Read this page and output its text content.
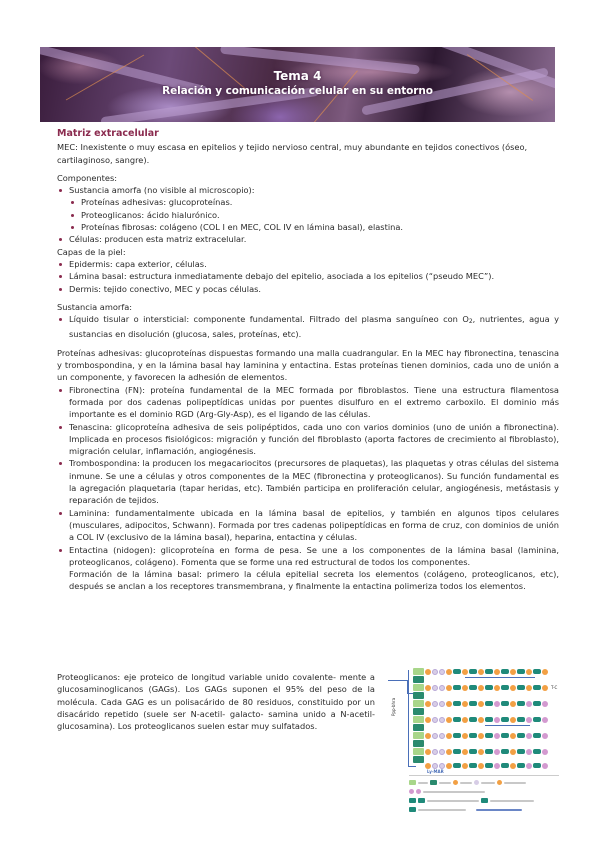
Tema 4
Relación y comunicación celular en su entorno
Matriz extracelular

MEC: Inexistente o muy escasa en epitelios y tejido nervioso central, muy abundante en tejidos conectivos (óseo, cartilaginoso, sangre).

Componentes:

Sustancia amorfa (no visible al microscopio):
Proteínas adhesivas: glucoproteínas.
Proteoglicanos: ácido hialurónico.
Proteínas fibrosas: colágeno (COL I en MEC, COL IV en lámina basal), elastina.
Células: producen esta matriz extracelular.

Capas de la piel:

Epidermis: capa exterior, células.
Lámina basal: estructura inmediatamente debajo del epitelio, asociada a los epitelios (“pseudo MEC”).
Dermis: tejido conectivo, MEC y pocas células.

Sustancia amorfa:

Líquido tisular o intersticial: componente fundamental. Filtrado del plasma sanguíneo con $O_2$, nutrientes, agua y sustancias en disolución (glucosa, sales, proteínas, etc).

Proteínas adhesivas: glucoproteínas dispuestas formando una malla cuadrangular. En la MEC hay fibronectina, tenascina y trombospondina, y en la lámina basal hay laminina y entactina. Estas proteínas tienen dominios, cada uno de unión a un componente, y favorecen la adhesión de elementos.

Fibronectina (FN): proteína fundamental de la MEC formada por fibroblastos. Tiene una estructura filamentosa formada por dos cadenas polipeptídicas unidas por puentes disulfuro en el extremo carboxilo. El dominio más importante es el dominio RGD (Arg-Gly-Asp), es el ligando de las células.
Tenascina: glicoproteína adhesiva de seis polipéptidos, cada uno con varios dominios (uno de unión a fibronectina). Implicada en procesos fisiológicos: migración y función del fibroblasto (aporta factores de crecimiento al fibroblasto), migración celular, inflamación, angiogénesis.
Trombospondina: la producen los megacariocitos (precursores de plaquetas), las plaquetas y otras células del sistema inmune. Se une a células y otros componentes de la MEC (fibronectina y proteoglicanos). Su función fundamental es la agregación plaquetaria (tapar heridas, etc). También participa en proliferación celular, angiogénesis, metástasis y reparación de tejidos.
Laminina: fundamentalmente ubicada en la lámina basal de epitelios, y también en algunos tipos celulares (musculares, adipocitos, Schwann). Formada por tres cadenas polipeptídicas en forma de cruz, con dominios de unión a COL IV (exclusivo de la lámina basal), heparina, entactina y células.
Entactina (nidogen): glicoproteína en forma de pesa. Se une a los componentes de la lámina basal (laminina, proteoglicanos, colágeno). Fomenta que se forme una red estructural de todos los componentes.

Formación de la lámina basal: primero la célula epitelial secreta los elementos (colágeno, proteoglicanos, etc), después se anclan a los receptores transmembrana, y finalmente la entactina polimeriza todos los elementos.

Proteoglicanos: eje proteico de longitud variable unido covalente- mente a glucosaminoglicanos (GAGs). Los GAGs suponen el 95% del peso de la molécula. Cada GAG es un polisacárido de 80 residuos, constituido por un disacárido repetido (suele ser N-acetil- galacto- samina unido a N-acetil-glucosamina). Los proteoglicanos suelen estar muy sulfatados.

Ppp-bhra
T-C
Ly-MAR
